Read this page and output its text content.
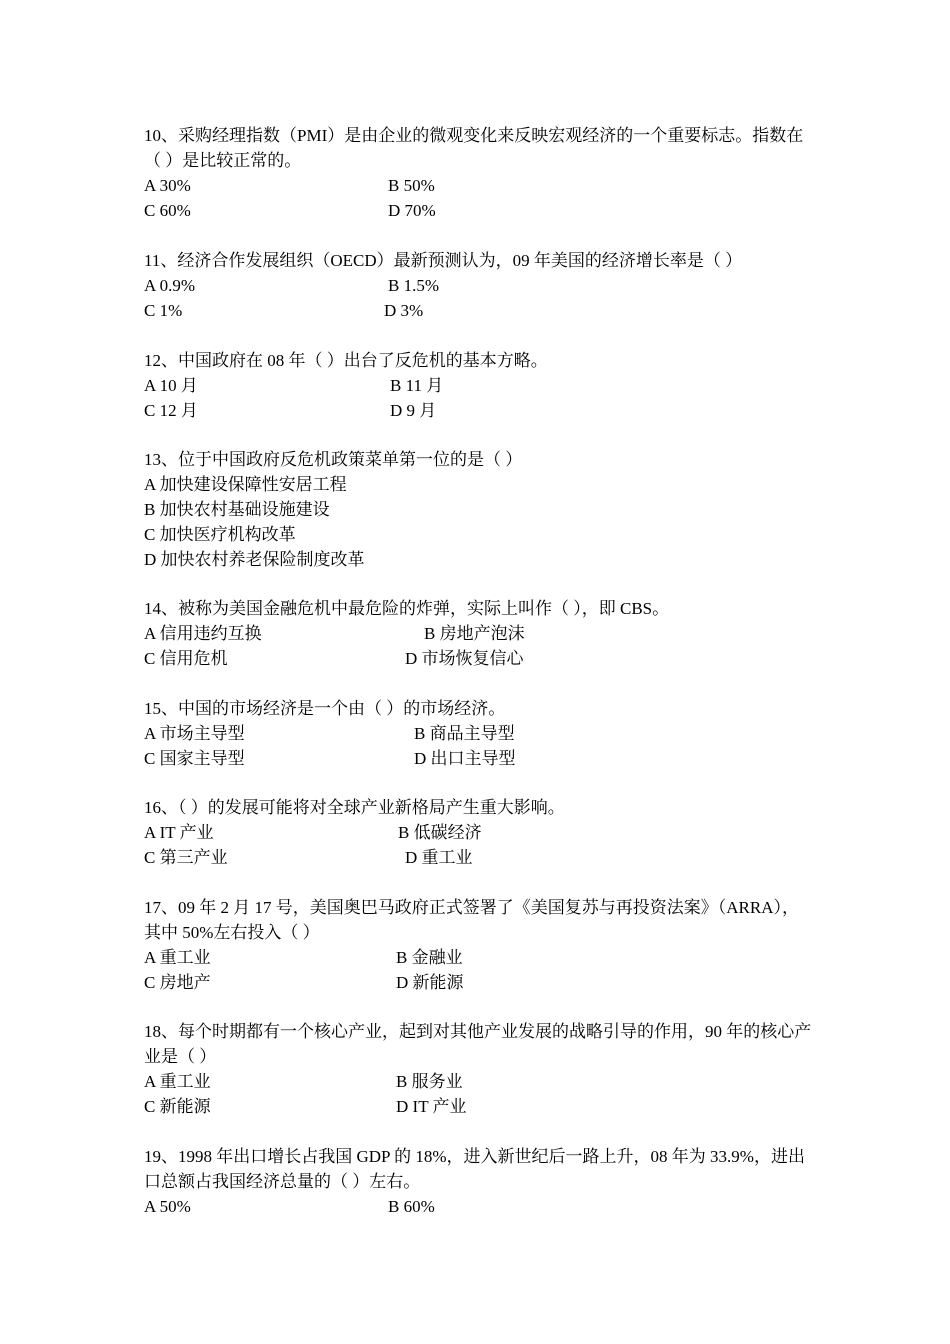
10、采购经理指数（PMI）是由企业的微观变化来反映宏观经济的一个重要标志。指数在（ ）是比较正常的。
A 30%	B 50%
C 60%	D 70%
11、经济合作发展组织（OECD）最新预测认为，09 年美国的经济增长率是（ ）
A 0.9%	B 1.5%
C 1%	D 3%
12、中国政府在 08 年（ ）出台了反危机的基本方略。
A 10 月	B 11 月
C 12 月	D 9 月
13、位于中国政府反危机政策菜单第一位的是（ ）
A 加快建设保障性安居工程
B 加快农村基础设施建设
C 加快医疗机构改革
D 加快农村养老保险制度改革
14、被称为美国金融危机中最危险的炸弹，实际上叫作（ ），即 CBS。
A 信用违约互换	B 房地产泡沫
C 信用危机	D 市场恢复信心
15、中国的市场经济是一个由（ ）的市场经济。
A 市场主导型	B 商品主导型
C 国家主导型	D 出口主导型
16、（ ）的发展可能将对全球产业新格局产生重大影响。
A IT 产业	B 低碳经济
C 第三产业	D 重工业
17、09 年 2 月 17 号，美国奥巴马政府正式签署了《美国复苏与再投资法案》（ARRA），其中 50%左右投入（ ）
A 重工业	B 金融业
C 房地产	D 新能源
18、每个时期都有一个核心产业，起到对其他产业发展的战略引导的作用，90 年的核心产业是（ ）
A 重工业	B 服务业
C 新能源	D IT 产业
19、1998 年出口增长占我国 GDP 的 18%，进入新世纪后一路上升，08 年为 33.9%，进出口总额占我国经济总量的（ ）左右。
A 50%	B 60%
